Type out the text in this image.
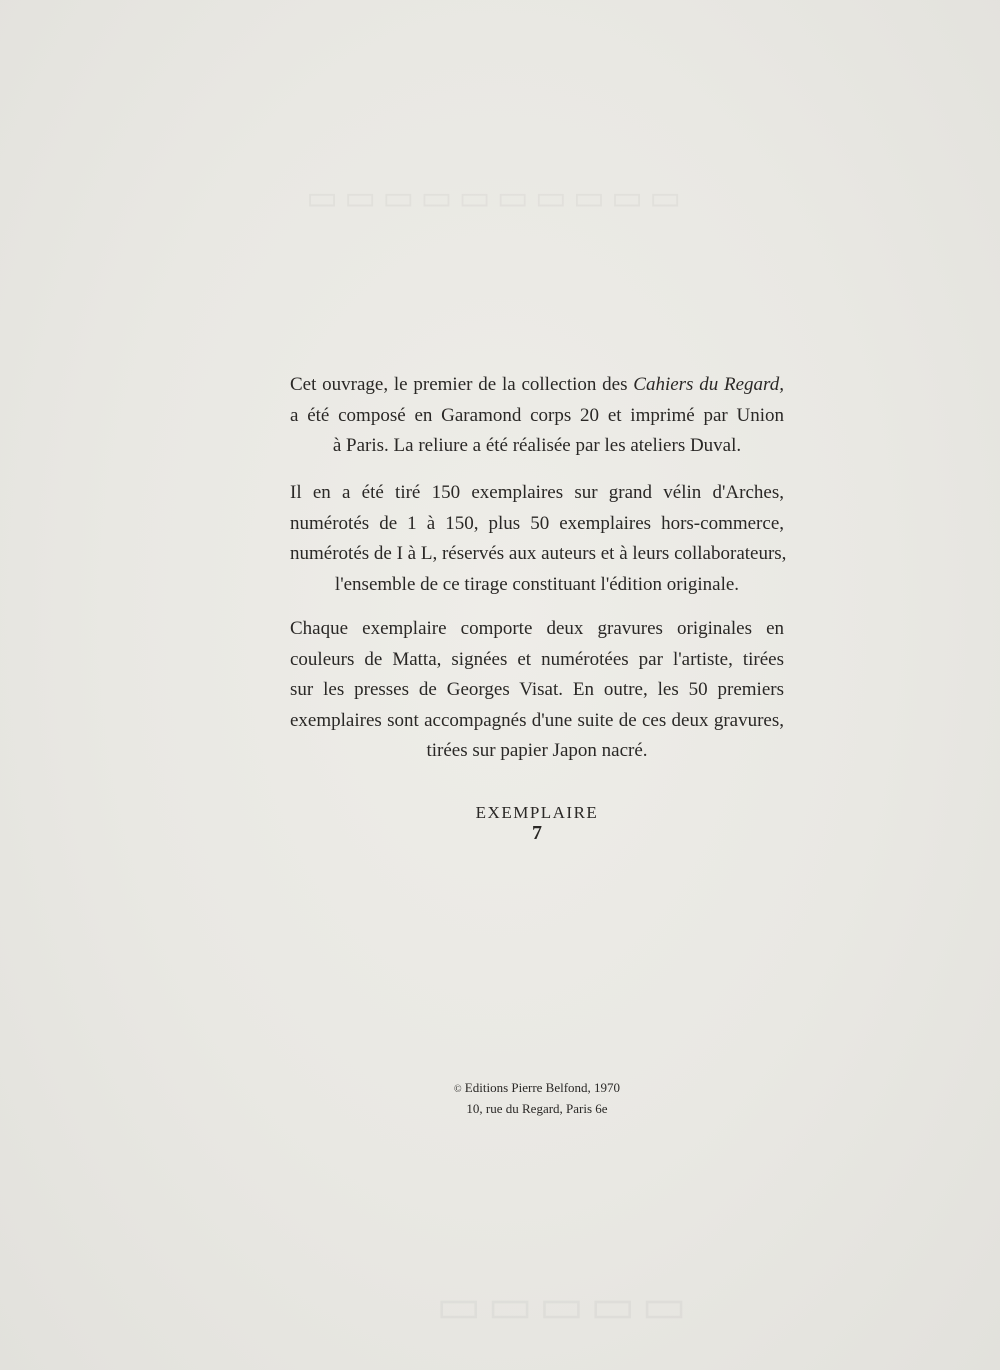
Cet ouvrage, le premier de la collection des Cahiers du Regard,
a été composé en Garamond corps 20 et imprimé par Union
à Paris. La reliure a été réalisée par les ateliers Duval.
Il en a été tiré 150 exemplaires sur grand vélin d'Arches,
numérotés de 1 à 150, plus 50 exemplaires hors-commerce,
numérotés de I à L, réservés aux auteurs et à leurs collaborateurs,
l'ensemble de ce tirage constituant l'édition originale.
Chaque exemplaire comporte deux gravures originales en
couleurs de Matta, signées et numérotées par l'artiste, tirées
sur les presses de Georges Visat. En outre, les 50 premiers
exemplaires sont accompagnés d'une suite de ces deux gravures,
tirées sur papier Japon nacré.
EXEMPLAIRE
7
© Editions Pierre Belfond, 1970
10, rue du Regard, Paris 6e
